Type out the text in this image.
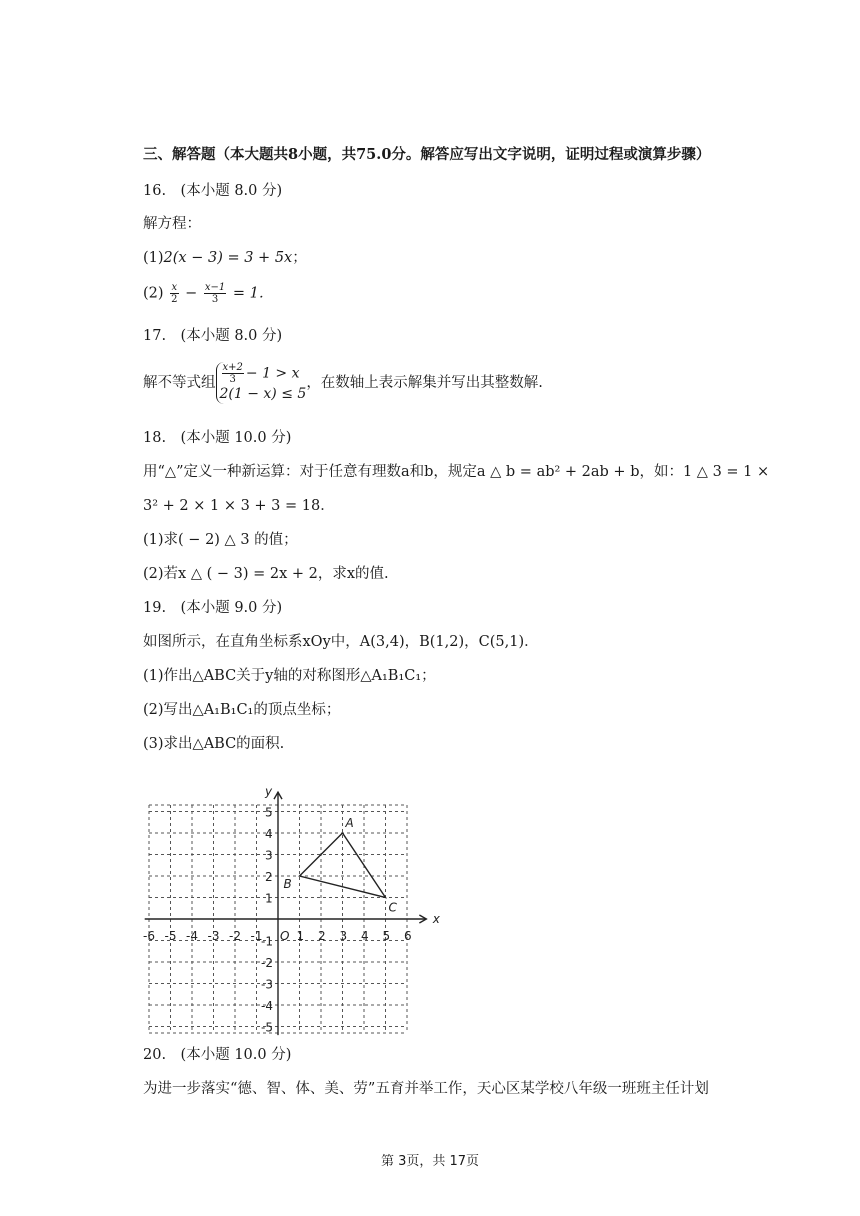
三、解答题（本大题共8小题，共75.0分。解答应写出文字说明，证明过程或演算步骤）
16.　(本小题 8.0 分)
解方程：
(1)2(x − 3) = 3 + 5x；
$(2) \frac{x}{2} - \frac{x-1}{3} = 1$．
17.　(本小题 8.0 分)
解不等式组 $\frac{x+2}{3} - 1 > x$
2(1 − x) ≤ 5
，在数轴上表示解集并写出其整数解.
18.　(本小题 10.0 分)
用“△”定义一种新运算：对于任意有理数a和b，规定a △ b = ab² + 2ab + b，如：1 △ 3 = 1 ×
3² + 2 × 1 × 3 + 3 = 18．
(1)求( − 2) △ 3 的值；
(2)若x △ ( − 3) = 2x + 2，求x的值.
19.　(本小题 9.0 分)
如图所示，在直角坐标系xOy中，A(3,4)，B(1,2)，C(5,1)．
(1)作出△ABC关于y轴的对称图形△A₁B₁C₁；
(2)写出△A₁B₁C₁的顶点坐标；
(3)求出△ABC的面积.
x
y
-6 -5 -4 -3 -2 -1	1 2 3 4 5 6
5
4
3
2
1
-1
-2
-3
-4
-5
O
A
B
C
20.　(本小题 10.0 分)
为进一步落实“德、智、体、美、劳”五育并举工作，天心区某学校八年级一班班主任计划
第 3页，共 17页
